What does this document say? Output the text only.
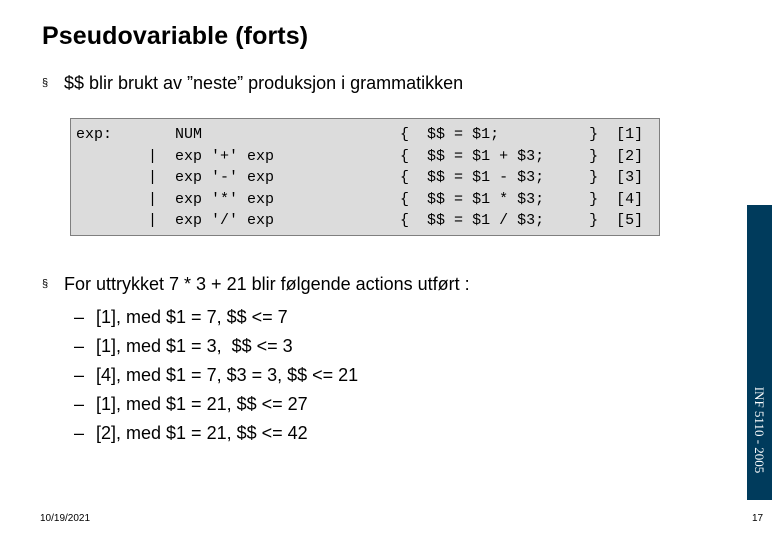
Pseudovariable (forts)
§ $$ blir brukt av ”neste” produksjon i grammatikken
exp:       NUM                      {  $$ = $1;          }  [1]
|  exp '+' exp              {  $$ = $1 + $3;     }  [2]
|  exp '-' exp              {  $$ = $1 - $3;     }  [3]
|  exp '*' exp              {  $$ = $1 * $3;     }  [4]
|  exp '/' exp              {  $$ = $1 / $3;     }  [5]
§ For uttrykket 7 * 3 + 21 blir følgende actions utført :
– [1], med $1 = 7, $$ <= 7
– [1], med $1 = 3,  $$ <= 3
– [4], med $1 = 7, $3 = 3, $$ <= 21
– [1], med $1 = 21, $$ <= 27
– [2], med $1 = 21, $$ <= 42	INF 5110 - 2005
10/19/2021	17
